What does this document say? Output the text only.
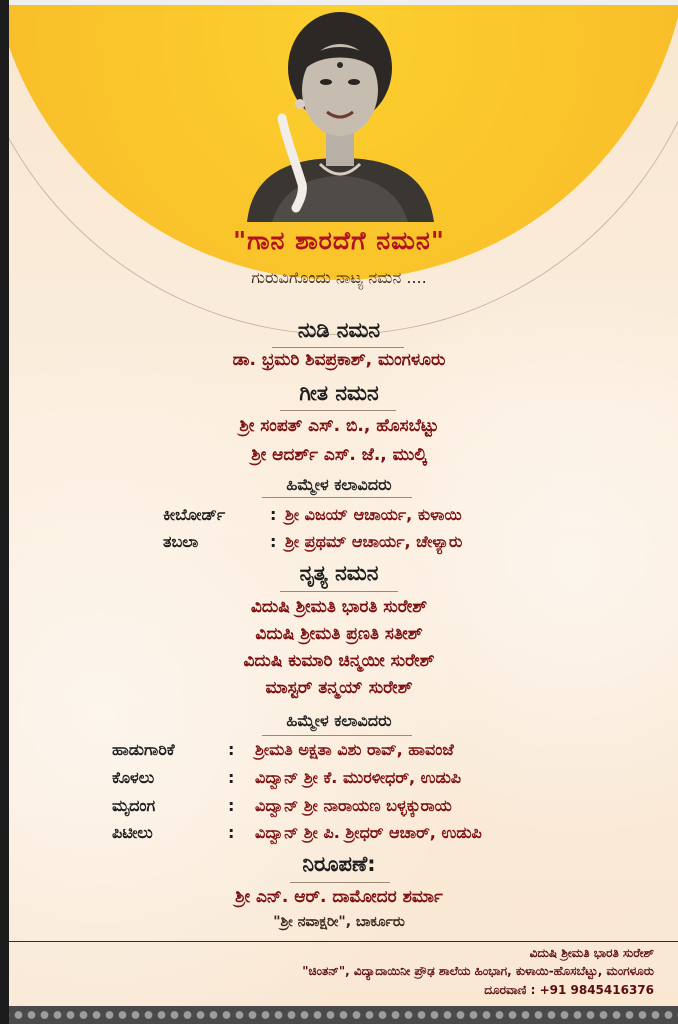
"ಗಾನ ಶಾರದೆಗೆ ನಮನ"
ಗುರುವಿಗೊಂದು ನಾಟ್ಯ ನಮನ ....
ನುಡಿ ನಮನ
ಡಾ. ಭ್ರಮರಿ ಶಿವಪ್ರಕಾಶ್, ಮಂಗಳೂರು
ಗೀತ ನಮನ
ಶ್ರೀ ಸಂಪತ್ ಎಸ್. ಬಿ., ಹೊಸಬೆಟ್ಟು
ಶ್ರೀ ಆದರ್ಶ್ ಎಸ್. ಜೆ., ಮುಲ್ಕಿ
ಹಿಮ್ಮೇಳ ಕಲಾವಿದರು
ಕೀಬೋರ್ಡ್	: ಶ್ರೀ ವಿಜಯ್ ಆಚಾರ್ಯ, ಕುಳಾಯಿ
ತಬಲಾ	: ಶ್ರೀ ಪ್ರಥಮ್ ಆಚಾರ್ಯ, ಚೇಳ್ಯಾರು
ನೃತ್ಯ ನಮನ
ವಿದುಷಿ ಶ್ರೀಮತಿ ಭಾರತಿ ಸುರೇಶ್
ವಿದುಷಿ ಶ್ರೀಮತಿ ಪ್ರಣತಿ ಸತೀಶ್
ವಿದುಷಿ ಕುಮಾರಿ ಚಿನ್ಮಯೀ ಸುರೇಶ್
ಮಾಸ್ಟರ್ ತನ್ಮಯ್ ಸುರೇಶ್
ಹಿಮ್ಮೇಳ ಕಲಾವಿದರು
ಹಾಡುಗಾರಿಕೆ	: ಶ್ರೀಮತಿ ಅಕ್ಷತಾ ವಿಶು ರಾವ್, ಹಾವಂಜೆ
ಕೊಳಲು	: ವಿದ್ವಾನ್ ಶ್ರೀ ಕೆ. ಮುರಳೀಧರ್, ಉಡುಪಿ
ಮೃದಂಗ	: ವಿದ್ವಾನ್ ಶ್ರೀ ನಾರಾಯಣ ಬಳ್ಳಕ್ಕುರಾಯ
ಪಿಟೀಲು	: ವಿದ್ವಾನ್ ಶ್ರೀ ಪಿ. ಶ್ರೀಧರ್ ಆಚಾರ್, ಉಡುಪಿ
ನಿರೂಪಣೆ:
ಶ್ರೀ ಎನ್. ಆರ್. ದಾಮೋದರ ಶರ್ಮಾ
"ಶ್ರೀ ನವಾಕ್ಷರೀ", ಬಾರ್ಕೂರು
ವಿದುಷಿ ಶ್ರೀಮತಿ ಭಾರತಿ ಸುರೇಶ್
"ಚಿಂತನ್", ವಿದ್ಯಾದಾಯಿನೀ ಪ್ರೌಢ ಶಾಲೆಯ ಹಿಂಭಾಗ, ಕುಳಾಯಿ-ಹೊಸಬೆಟ್ಟು, ಮಂಗಳೂರು
ದೂರವಾಣಿ : +91 9845416376
